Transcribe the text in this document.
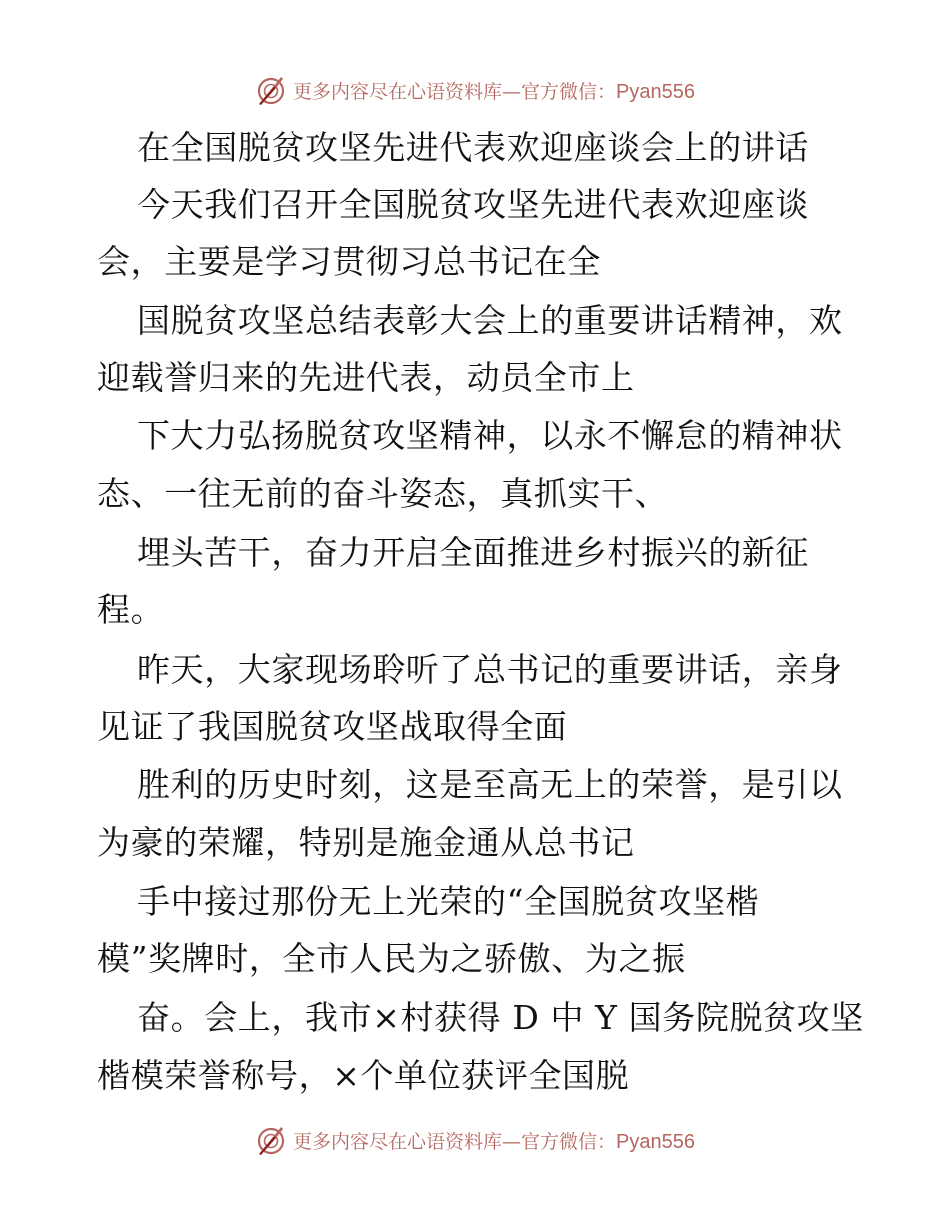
更多内容尽在心语资料库—官方微信：Pyan556
在全国脱贫攻坚先进代表欢迎座谈会上的讲话
今天我们召开全国脱贫攻坚先进代表欢迎座谈
会，主要是学习贯彻习总书记在全
国脱贫攻坚总结表彰大会上的重要讲话精神，欢
迎载誉归来的先进代表，动员全市上
下大力弘扬脱贫攻坚精神，以永不懈怠的精神状
态、一往无前的奋斗姿态，真抓实干、
埋头苦干，奋力开启全面推进乡村振兴的新征
程。
昨天，大家现场聆听了总书记的重要讲话，亲身
见证了我国脱贫攻坚战取得全面
胜利的历史时刻，这是至高无上的荣誉，是引以
为豪的荣耀，特别是施金通从总书记
手中接过那份无上光荣的“全国脱贫攻坚楷
模”奖牌时，全市人民为之骄傲、为之振
奋。会上，我市×村获得 D 中 Y 国务院脱贫攻坚
楷模荣誉称号，×个单位获评全国脱
更多内容尽在心语资料库—官方微信：Pyan556
